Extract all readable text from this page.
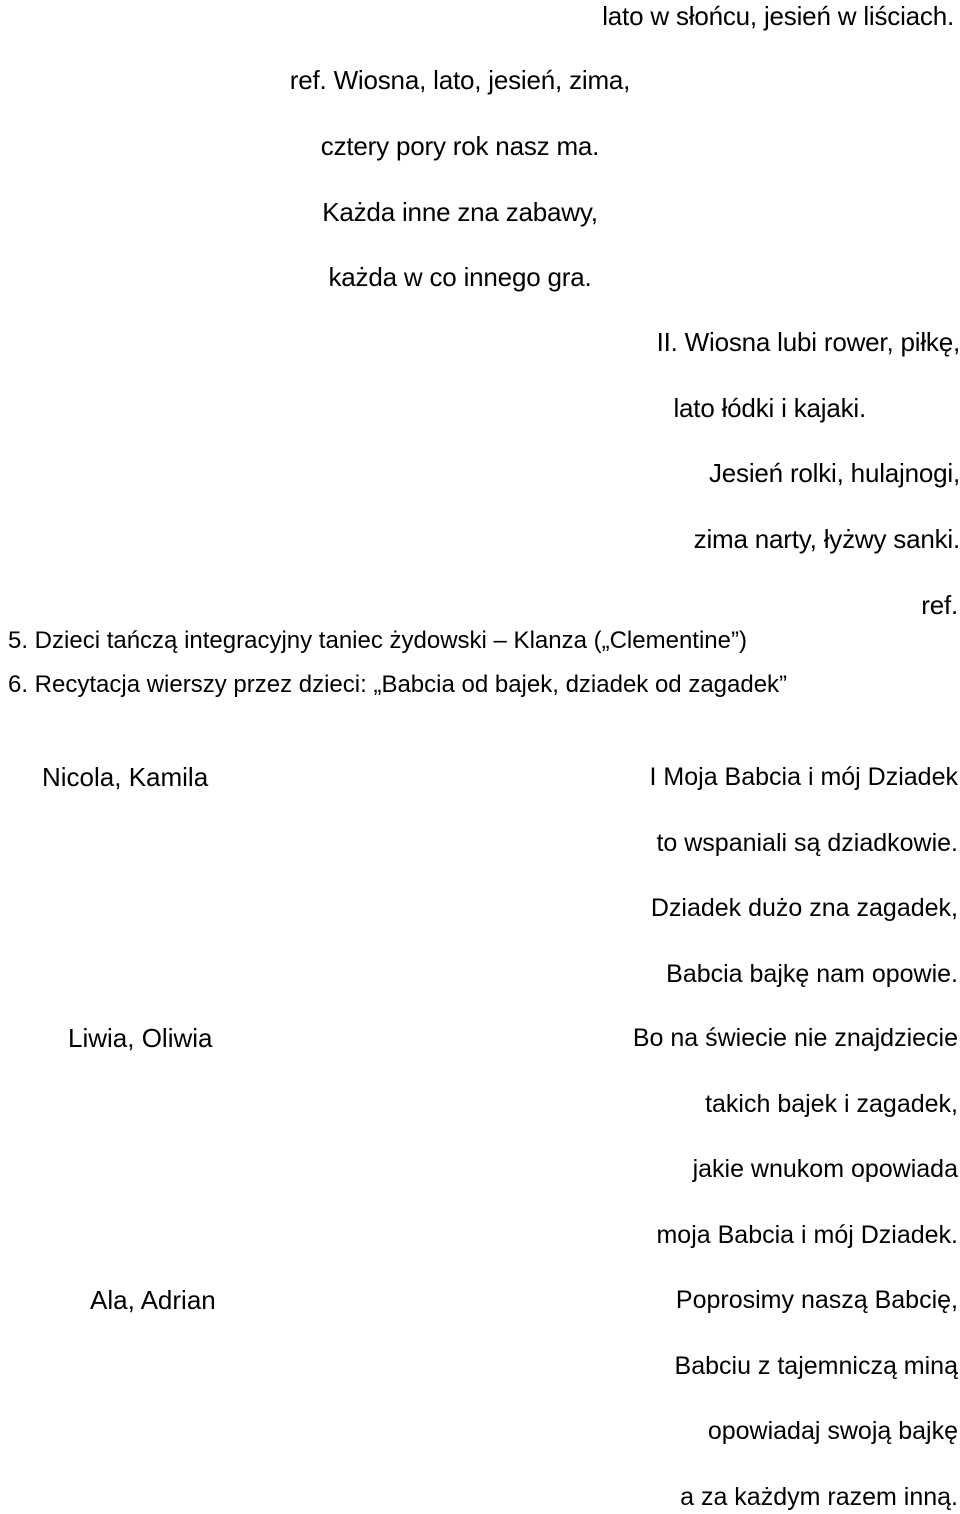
lato w słońcu, jesień w liściach.
ref. Wiosna, lato, jesień, zima,
cztery pory rok nasz ma.
Każda inne zna zabawy,
każda w co innego gra.
II. Wiosna lubi rower, piłkę,
lato łódki i kajaki.
Jesień rolki, hulajnogi,
zima narty, łyżwy sanki.
ref.
5. Dzieci tańczą integracyjny taniec żydowski – Klanza („Clementine”)
6. Recytacja wierszy przez dzieci: „Babcia od bajek, dziadek od zagadek”
Nicola, Kamila
Liwia, Oliwia
Ala, Adrian
I Moja Babcia i mój Dziadek
to wspaniali są dziadkowie.
Dziadek dużo zna zagadek,
Babcia bajkę nam opowie.
Bo na świecie nie znajdziecie
takich bajek i zagadek,
jakie wnukom opowiada
moja Babcia i mój Dziadek.
Poprosimy naszą Babcię,
Babciu z tajemniczą miną
opowiadaj swoją bajkę
a za każdym razem inną.
